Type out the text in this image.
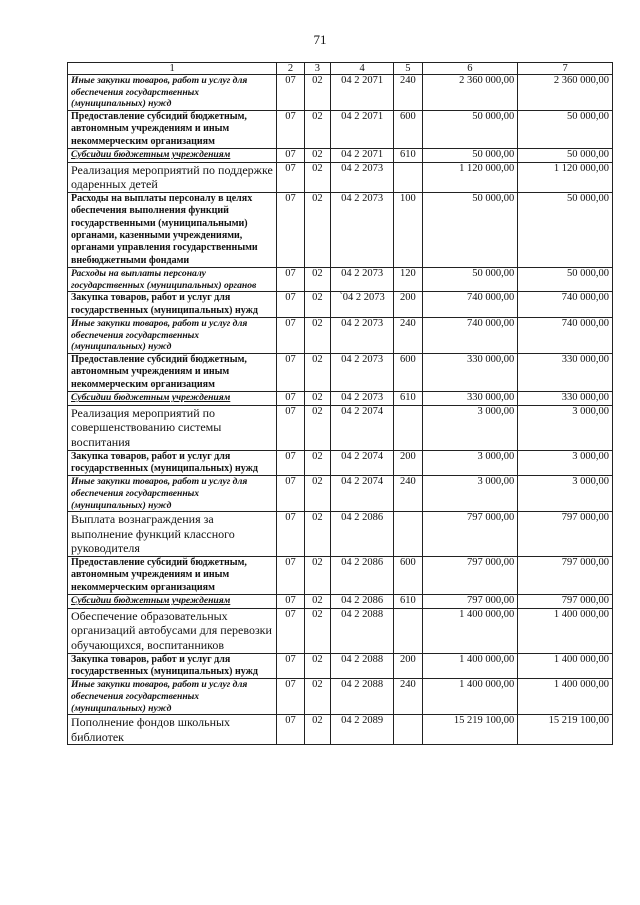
71
1	2	3	4	5	6	7
Иные закупки товаров, работ и услуг для обеспечения государственных (муниципальных) нужд	07	02	04 2 2071	240	2 360 000,00	2 360 000,00
Предоставление субсидий бюджетным, автономным учреждениям и иным некоммерческим организациям	07	02	04 2 2071	600	50 000,00	50 000,00
Субсидии бюджетным учреждениям	07	02	04 2 2071	610	50 000,00	50 000,00
Реализация мероприятий по поддержке одаренных детей	07	02	04 2 2073		1 120 000,00	1 120 000,00
Расходы на выплаты персоналу в целях обеспечения выполнения функций государственными (муниципальными) органами, казенными учреждениями, органами управления государственными внебюджетными фондами	07	02	04 2 2073	100	50 000,00	50 000,00
Расходы на выплаты персоналу государственных (муниципальных) органов	07	02	04 2 2073	120	50 000,00	50 000,00
Закупка товаров, работ и услуг для государственных (муниципальных) нужд	07	02	`04 2 2073	200	740 000,00	740 000,00
Иные закупки товаров, работ и услуг для обеспечения государственных (муниципальных) нужд	07	02	04 2 2073	240	740 000,00	740 000,00
Предоставление субсидий бюджетным, автономным учреждениям и иным некоммерческим организациям	07	02	04 2 2073	600	330 000,00	330 000,00
Субсидии бюджетным учреждениям	07	02	04 2 2073	610	330 000,00	330 000,00
Реализация мероприятий по совершенствованию системы воспитания	07	02	04 2 2074		3 000,00	3 000,00
Закупка товаров, работ и услуг для государственных (муниципальных) нужд	07	02	04 2 2074	200	3 000,00	3 000,00
Иные закупки товаров, работ и услуг для обеспечения государственных (муниципальных) нужд	07	02	04 2 2074	240	3 000,00	3 000,00
Выплата вознаграждения за выполнение функций классного руководителя	07	02	04 2 2086		797 000,00	797 000,00
Предоставление субсидий бюджетным, автономным учреждениям и иным некоммерческим организациям	07	02	04 2 2086	600	797 000,00	797 000,00
Субсидии бюджетным учреждениям	07	02	04 2 2086	610	797 000,00	797 000,00
Обеспечение образовательных организаций автобусами для перевозки обучающихся, воспитанников	07	02	04 2 2088		1 400 000,00	1 400 000,00
Закупка товаров, работ и услуг для государственных (муниципальных) нужд	07	02	04 2 2088	200	1 400 000,00	1 400 000,00
Иные закупки товаров, работ и услуг для обеспечения государственных (муниципальных) нужд	07	02	04 2 2088	240	1 400 000,00	1 400 000,00
Пополнение фондов школьных библиотек	07	02	04 2 2089		15 219 100,00	15 219 100,00
